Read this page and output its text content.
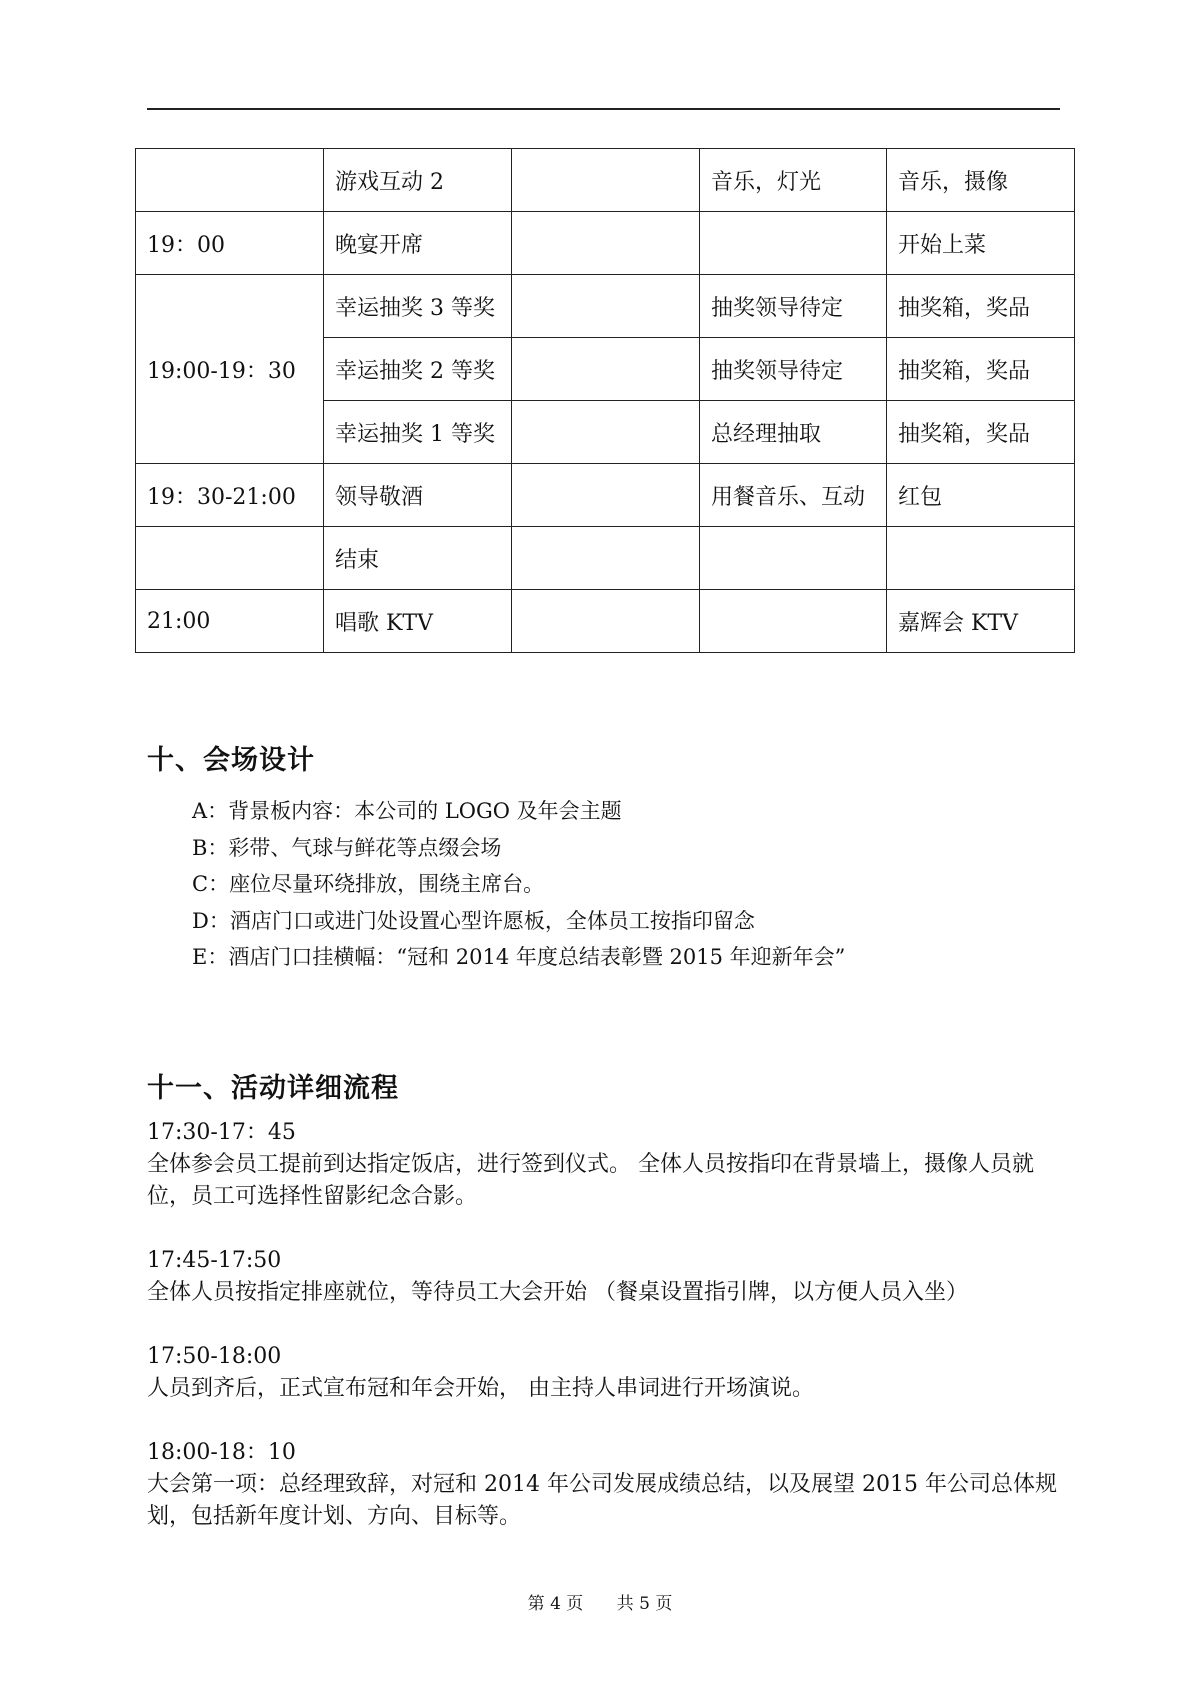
	游戏互动 2		音乐，灯光	音乐，摄像
19：00	晚宴开席			开始上菜
19:00-19：30	幸运抽奖 3 等奖		抽奖领导待定	抽奖箱，奖品
	幸运抽奖 2 等奖		抽奖领导待定	抽奖箱，奖品
	幸运抽奖 1 等奖		总经理抽取	抽奖箱，奖品
19：30-21:00	领导敬酒		用餐音乐、互动	红包
	结束			
21:00	唱歌 KTV			嘉辉会 KTV
十、会场设计
A：背景板内容：本公司的 LOGO 及年会主题
B：彩带、气球与鲜花等点缀会场
C：座位尽量环绕排放，围绕主席台。
D：酒店门口或进门处设置心型许愿板，全体员工按指印留念
E：酒店门口挂横幅：“冠和 2014 年度总结表彰暨 2015 年迎新年会”
十一、活动详细流程
17:30-17：45
全体参会员工提前到达指定饭店，进行签到仪式。 全体人员按指印在背景墙上，摄像人员就位，员工可选择性留影纪念合影。
17:45-17:50
全体人员按指定排座就位，等待员工大会开始 （餐桌设置指引牌，以方便人员入坐）
17:50-18:00
人员到齐后，正式宣布冠和年会开始， 由主持人串词进行开场演说。
18:00-18：10
大会第一项：总经理致辞，对冠和 2014 年公司发展成绩总结，以及展望 2015 年公司总体规划，包括新年度计划、方向、目标等。
第 4 页 共 5 页
